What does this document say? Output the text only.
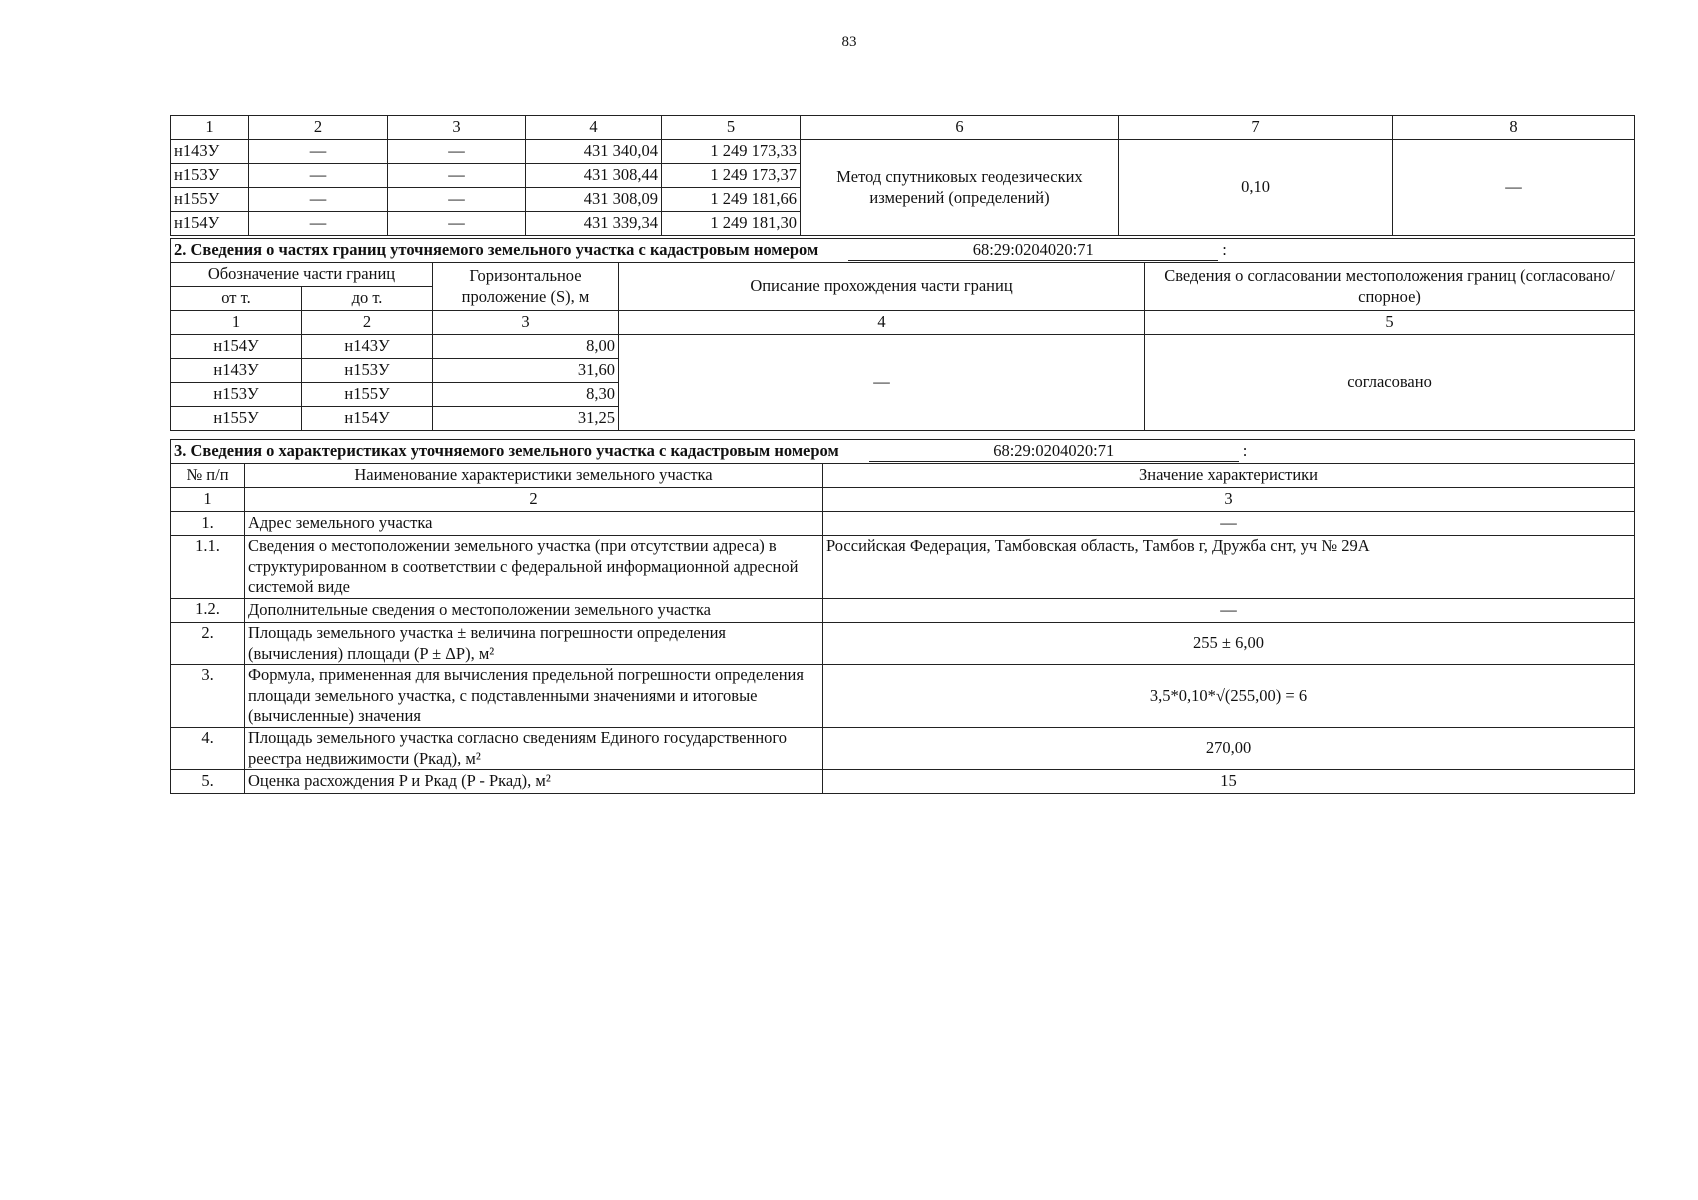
83
1	2	3	4	5	6	7	8
н143У	—	—	431 340,04	1 249 173,33	Метод спутниковых геодезических измерений (определений)	0,10	—
н153У	—	—	431 308,44	1 249 173,37			
н155У	—	—	431 308,09	1 249 181,66			
н154У	—	—	431 339,34	1 249 181,30			
2. Сведения о частях границ уточняемого земельного участка с кадастровым номером 68:29:0204020:71 :				
Обозначение части границ		Горизонтальное проложение (S), м	Описание прохождения части границ	Сведения о согласовании местоположения границ (согласовано/спорное)
от т.	до т.			
1	2	3	4	5
н154У	н143У	8,00	—	согласовано
н143У	н153У	31,60		
н153У	н155У	8,30		
н155У	н154У	31,25		
3. Сведения о характеристиках уточняемого земельного участка с кадастровым номером 68:29:0204020:71 :		
№ п/п	Наименование характеристики земельного участка	Значение характеристики
1	2	3
1.	Адрес земельного участка	—
1.1.	Сведения о местоположении земельного участка (при отсутствии адреса) в структурированном в соответствии с федеральной информационной адресной системой виде	Российская Федерация, Тамбовская область, Тамбов г, Дружба снт, уч № 29А
1.2.	Дополнительные сведения о местоположении земельного участка	—
2.	Площадь земельного участка ± величина погрешности определения (вычисления) площади (P ± ΔP), м²	255 ± 6,00
3.	Формула, примененная для вычисления предельной погрешности определения площади земельного участка, с подставленными значениями и итоговые (вычисленные) значения	3,5*0,10*√(255,00) = 6
4.	Площадь земельного участка согласно сведениям Единого государственного реестра недвижимости (Ркад), м²	270,00
5.	Оценка расхождения P и Ркад (P - Ркад), м²	15
